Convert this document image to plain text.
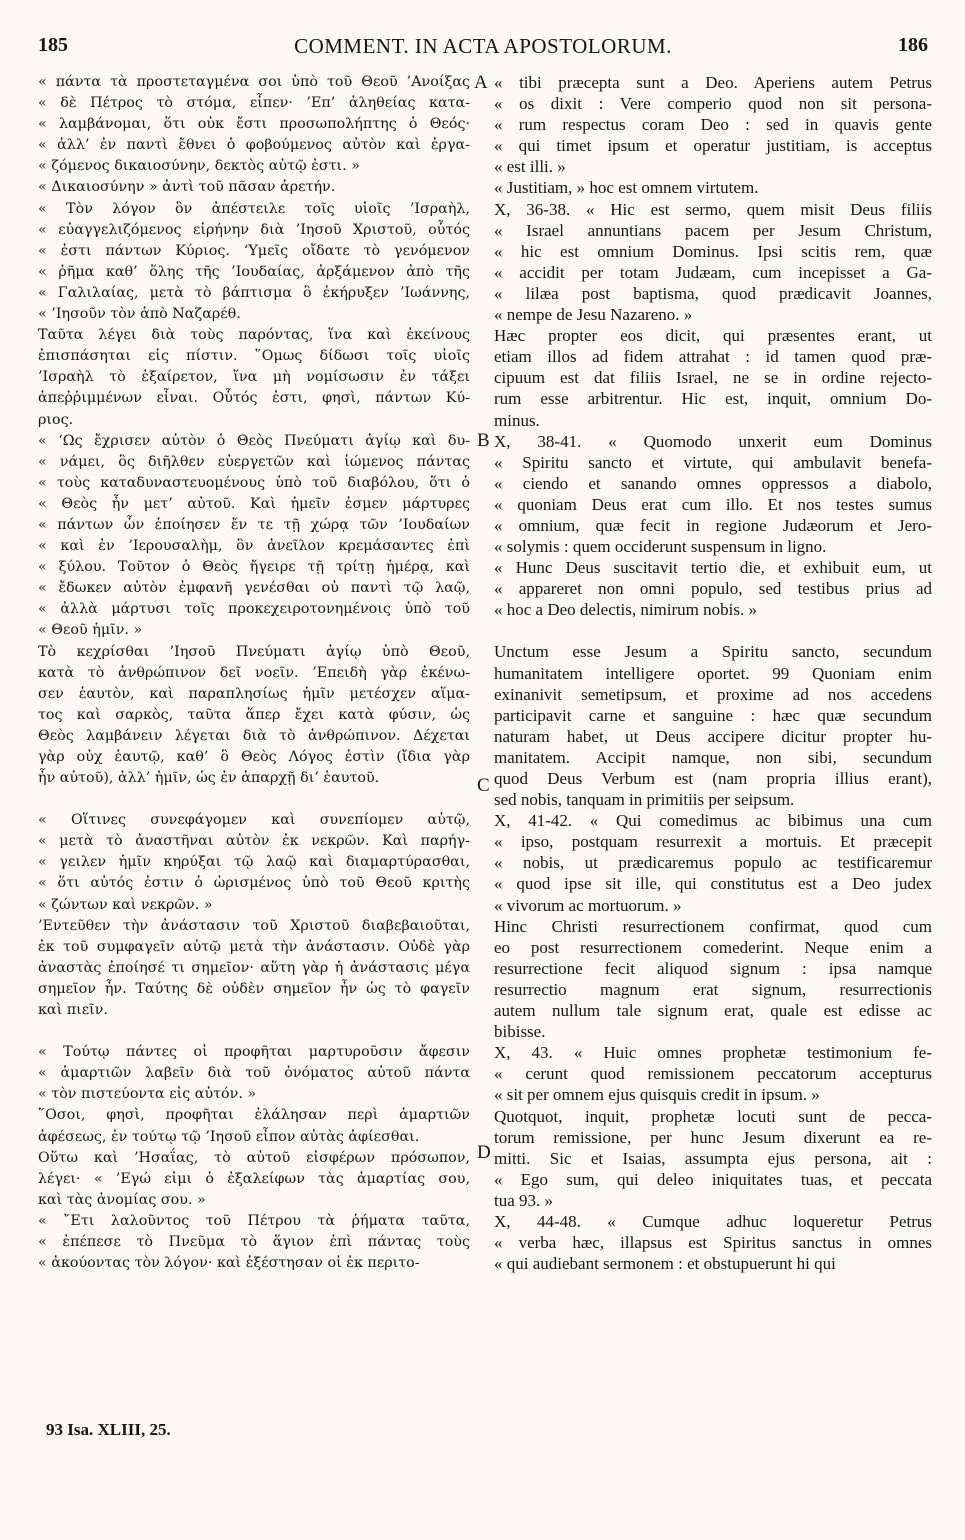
185	COMMENT. IN ACTA APOSTOLORUM.	186
« πάντα τὰ προστεταγμένα σοι ὑπὸ τοῦ Θεοῦ ’Ανοίξας
« δὲ Πέτρος τὸ στόμα, εἶπεν· ’Επ’ ἀληθείας κατα-
« λαμβάνομαι, ὅτι οὐκ ἔστι προσωπολήπτης ὁ Θεός·
« ἀλλ’ ἐν παντὶ ἔθνει ὁ φοβούμενος αὐτὸν καὶ ἐργα-
« ζόμενος δικαιοσύνην, δεκτὸς αὐτῷ ἐστι. »
« Δικαιοσύνην » ἀντὶ τοῦ πᾶσαν ἀρετήν.
« Τὸν λόγον ὃν ἀπέστειλε τοῖς υἱοῖς ’Ισραὴλ,
« εὐαγγελιζόμενος εἰρήνην διὰ ’Ιησοῦ Χριστοῦ, οὗτός
« ἐστι πάντων Κύριος. ‘Υμεῖς οἴδατε τὸ γενόμενον
« ῥῆμα καθ’ ὅλης τῆς ’Ιουδαίας, ἀρξάμενον ἀπὸ τῆς
« Γαλιλαίας, μετὰ τὸ βάπτισμα ὃ ἐκήρυξεν ’Ιωάννης,
« ’Ιησοῦν τὸν ἀπὸ Ναζαρέθ.
Ταῦτα λέγει διὰ τοὺς παρόντας, ἵνα καὶ ἐκείνους
ἐπισπάσηται εἰς πίστιν. ῞Ομως δίδωσι τοῖς υἱοῖς
’Ισραὴλ τὸ ἐξαίρετον, ἵνα μὴ νομίσωσιν ἐν τάξει
ἀπεῤῥιμμένων εἶναι. Οὗτός ἐστι, φησὶ, πάντων Κύ-
ριος.
« ‘Ως ἔχρισεν αὐτὸν ὁ Θεὸς Πνεύματι ἁγίῳ καὶ δυ-
« νάμει, ὃς διῆλθεν εὐεργετῶν καὶ ἰώμενος πάντας
« τοὺς καταδυναστευομένους ὑπὸ τοῦ διαβόλου, ὅτι ὁ
« Θεὸς ἦν μετ’ αὐτοῦ. Καὶ ἡμεῖν ἐσμεν μάρτυρες
« πάντων ὧν ἐποίησεν ἔν τε τῇ χώρᾳ τῶν ’Ιουδαίων
« καὶ ἐν ’Ιερουσαλὴμ, ὃν ἀνεῖλον κρεμάσαντες ἐπὶ
« ξύλου. Τοῦτον ὁ Θεὸς ἤγειρε τῇ τρίτῃ ἡμέρᾳ, καὶ
« ἔδωκεν αὐτὸν ἐμφανῆ γενέσθαι οὐ παντὶ τῷ λαῷ,
« ἀλλὰ μάρτυσι τοῖς προκεχειροτονημένοις ὑπὸ τοῦ
« Θεοῦ ἡμῖν. »
Τὸ κεχρίσθαι ’Ιησοῦ Πνεύματι ἁγίῳ ὑπὸ Θεοῦ,
κατὰ τὸ ἀνθρώπινον δεῖ νοεῖν. ’Επειδὴ γὰρ ἐκένω-
σεν ἑαυτὸν, καὶ παραπλησίως ἡμῖν μετέσχεν αἵμα-
τος καὶ σαρκὸς, ταῦτα ἅπερ ἔχει κατὰ φύσιν, ὡς
Θεὸς λαμβάνειν λέγεται διὰ τὸ ἀνθρώπινον. Δέχεται
γὰρ οὐχ ἑαυτῷ, καθ’ ὃ Θεὸς Λόγος ἐστὶν (ἴδια γὰρ
ἦν αὐτοῦ), ἀλλ’ ἡμῖν, ὡς ἐν ἀπαρχῇ δι’ ἑαυτοῦ.
« Οἵτινες συνεφάγομεν καὶ συνεπίομεν αὐτῷ,
« μετὰ τὸ ἀναστῆναι αὐτὸν ἐκ νεκρῶν. Καὶ παρήγ-
« γειλεν ἡμῖν κηρύξαι τῷ λαῷ καὶ διαμαρτύρασθαι,
« ὅτι αὐτός ἐστιν ὁ ὡρισμένος ὑπὸ τοῦ Θεοῦ κριτὴς
« ζώντων καὶ νεκρῶν. »
’Εντεῦθεν τὴν ἀνάστασιν τοῦ Χριστοῦ διαβεβαιοῦται,
ἐκ τοῦ συμφαγεῖν αὐτῷ μετὰ τὴν ἀνάστασιν. Οὐδὲ γὰρ
ἀναστὰς ἐποίησέ τι σημεῖον· αὕτη γὰρ ἡ ἀνάστασις μέγα
σημεῖον ἦν. Ταύτης δὲ οὐδὲν σημεῖον ἦν ὡς τὸ φαγεῖν
καὶ πιεῖν.
« Τούτῳ πάντες οἱ προφῆται μαρτυροῦσιν ἄφεσιν
« ἁμαρτιῶν λαβεῖν διὰ τοῦ ὀνόματος αὐτοῦ πάντα
« τὸν πιστεύοντα εἰς αὐτόν. »
῞Οσοι, φησὶ, προφῆται ἐλάλησαν περὶ ἁμαρτιῶν
ἀφέσεως, ἐν τούτῳ τῷ ’Ιησοῦ εἶπον αὐτὰς ἀφίεσθαι.
Οὕτω καὶ ’Ησαΐας, τὸ αὐτοῦ εἰσφέρων πρόσωπον,
λέγει· « ’Εγώ εἰμι ὁ ἐξαλείφων τὰς ἁμαρτίας σου,
καὶ τὰς ἀνομίας σου. »
« ῎Ετι λαλοῦντος τοῦ Πέτρου τὰ ῥήματα ταῦτα,
« ἐπέπεσε τὸ Πνεῦμα τὸ ἅγιον ἐπὶ πάντας τοὺς
« ἀκούοντας τὸν λόγον· καὶ ἐξέστησαν οἱ ἐκ περιτο-
« tibi præcepta sunt a Deo. Aperiens autem Petrus
« os dixit : Vere comperio quod non sit persona-
« rum respectus coram Deo : sed in quavis gente
« qui timet ipsum et operatur justitiam, is acceptus
« est illi. »
« Justitiam, » hoc est omnem virtutem.
X, 36-38. « Hic est sermo, quem misit Deus filiis
« Israel annuntians pacem per Jesum Christum,
« hic est omnium Dominus. Ipsi scitis rem, quæ
« accidit per totam Judæam, cum incepisset a Ga-
« lilæa post baptisma, quod prædicavit Joannes,
« nempe de Jesu Nazareno. »
Hæc propter eos dicit, qui præsentes erant, ut
etiam illos ad fidem attrahat : id tamen quod præ-
cipuum est dat filiis Israel, ne se in ordine rejecto-
rum esse arbitrentur. Hic est, inquit, omnium Do-
minus.
X, 38-41. « Quomodo unxerit eum Dominus
« Spiritu sancto et virtute, qui ambulavit benefa-
« ciendo et sanando omnes oppressos a diabolo,
« quoniam Deus erat cum illo. Et nos testes sumus
« omnium, quæ fecit in regione Judæorum et Jero-
« solymis : quem occiderunt suspensum in ligno.
« Hunc Deus suscitavit tertio die, et exhibuit eum, ut
« appareret non omni populo, sed testibus prius ad
« hoc a Deo delectis, nimirum nobis. »
Unctum esse Jesum a Spiritu sancto, secundum
humanitatem intelligere oportet. 99 Quoniam enim
exinanivit semetipsum, et proxime ad nos accedens
participavit carne et sanguine : hæc quæ secundum
naturam habet, ut Deus accipere dicitur propter hu-
manitatem. Accipit namque, non sibi, secundum
quod Deus Verbum est (nam propria illius erant),
sed nobis, tanquam in primitiis per seipsum.
X, 41-42. « Qui comedimus ac bibimus una cum
« ipso, postquam resurrexit a mortuis. Et præcepit
« nobis, ut prædicaremus populo ac testificaremur
« quod ipse sit ille, qui constitutus est a Deo judex
« vivorum ac mortuorum. »
Hinc Christi resurrectionem confirmat, quod cum
eo post resurrectionem comederint. Neque enim a
resurrectione fecit aliquod signum : ipsa namque
resurrectio magnum erat signum, resurrectionis
autem nullum tale signum erat, quale est edisse ac
bibisse.
X, 43. « Huic omnes prophetæ testimonium fe-
« cerunt quod remissionem peccatorum accepturus
« sit per omnem ejus quisquis credit in ipsum. »
Quotquot, inquit, prophetæ locuti sunt de pecca-
torum remissione, per hunc Jesum dixerunt ea re-
mitti. Sic et Isaias, assumpta ejus persona, ait :
« Ego sum, qui deleo iniquitates tuas, et peccata
tua 93. »
X, 44-48. « Cumque adhuc loqueretur Petrus
« verba hæc, illapsus est Spiritus sanctus in omnes
« qui audiebant sermonem : et obstupuerunt hi qui
A
B
C
D
93 Isa. XLIII, 25.
